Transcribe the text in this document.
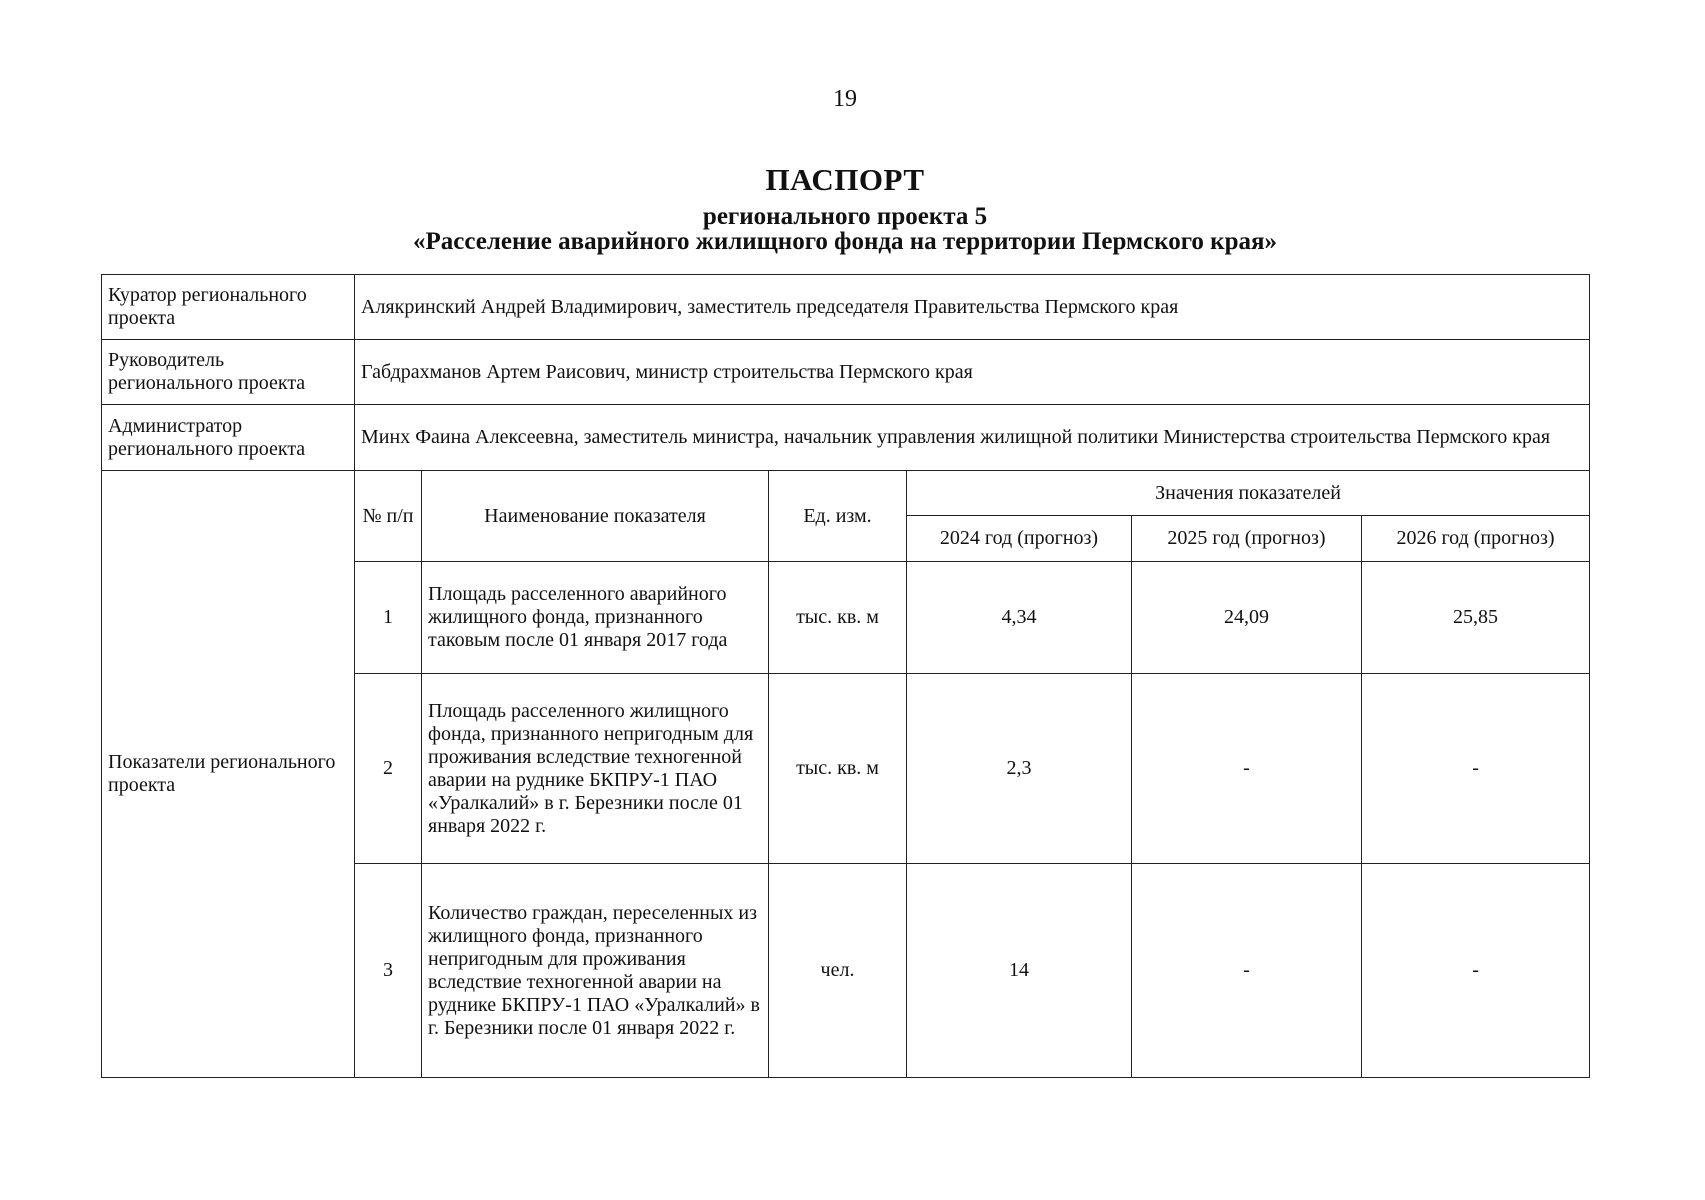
19
ПАСПОРТ
регионального проекта 5
«Расселение аварийного жилищного фонда на территории Пермского края»
Куратор регионального проекта	Алякринский Андрей Владимирович, заместитель председателя Правительства Пермского края					
Руководитель регионального проекта	Габдрахманов Артем Раисович, министр строительства Пермского края					
Администратор регионального проекта	Минх Фаина Алексеевна, заместитель министра, начальник управления жилищной политики Министерства строительства Пермского края					
Показатели регионального проекта	№ п/п	Наименование показателя	Ед. изм.	Значения показателей		
				2024 год (прогноз)	2025 год (прогноз)	2026 год (прогноз)
	1	Площадь расселенного аварийного жилищного фонда, признанного таковым после 01 января 2017 года	тыс. кв. м	4,34	24,09	25,85
	2	Площадь расселенного жилищного фонда, признанного непригодным для проживания вследствие техногенной аварии на руднике БКПРУ-1 ПАО «Уралкалий» в г. Березники после 01 января 2022 г.	тыс. кв. м	2,3	-	-
	3	Количество граждан, переселенных из жилищного фонда, признанного непригодным для проживания вследствие техногенной аварии на руднике БКПРУ-1 ПАО «Уралкалий» в г. Березники после 01 января 2022 г.	чел.	14	-	-
